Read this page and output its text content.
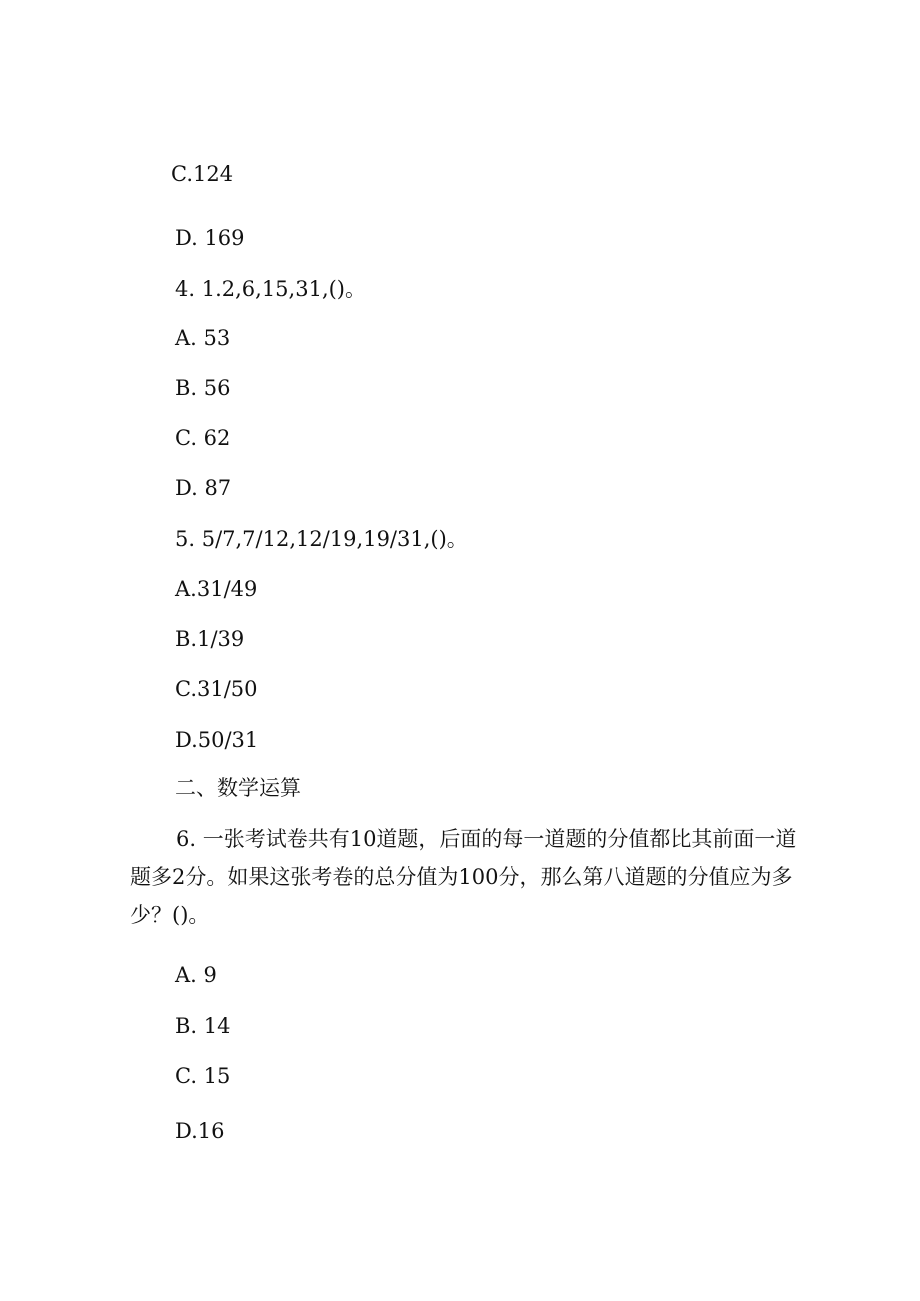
C.124
D. 169
4. 1.2,6,15,31,()。
A. 53
B. 56
C. 62
D. 87
5. 5/7,7/12,12/19,19/31,()。
A.31/49
B.1/39
C.31/50
D.50/31
二、数学运算
6. 一张考试卷共有10道题，后面的每一道题的分值都比其前面一道题多2分。如果这张考卷的总分值为100分，那么第八道题的分值应为多少？()。
A. 9
B. 14
C. 15
D.16
